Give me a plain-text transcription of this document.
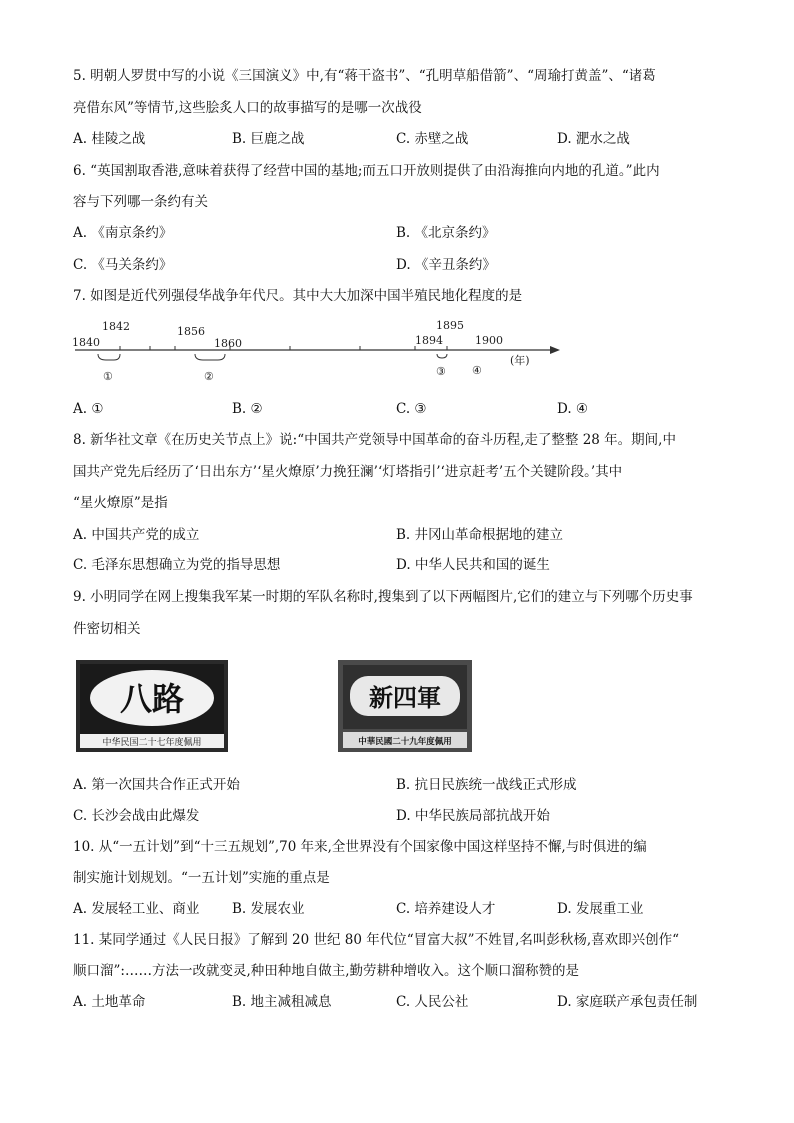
5. 明朝人罗贯中写的小说《三国演义》中,有“蒋干盗书”、“孔明草船借箭”、“周瑜打黄盖”、“诸葛
亮借东风”等情节,这些脍炙人口的故事描写的是哪一次战役
A. 桂陵之战	B. 巨鹿之战	C. 赤壁之战	D. 淝水之战
6. “英国割取香港,意味着获得了经营中国的基地;而五口开放则提供了由沿海推向内地的孔道。”此内
容与下列哪一条约有关
A. 《南京条约》	B. 《北京条约》
C. 《马关条约》	D. 《辛丑条约》
7. 如图是近代列强侵华战争年代尺。其中大大加深中国半殖民地化程度的是
1840
1842	1856
1860	1894
1895
1900
(年)
①	②	③ ④
A. ①	B. ②	C. ③	D. ④
8. 新华社文章《在历史关节点上》说:“中国共产党领导中国革命的奋斗历程,走了整整 28 年。期间,中
国共产党先后经历了‘日出东方’‘星火燎原’力挽狂澜’‘灯塔指引’‘进京赶考’五个关键阶段。’其中
“星火燎原”是指
A. 中国共产党的成立	B. 井冈山革命根据地的建立
C. 毛泽东思想确立为党的指导思想	D. 中华人民共和国的诞生
9. 小明同学在网上搜集我军某一时期的军队名称时,搜集到了以下两幅图片,它们的建立与下列哪个历史事
件密切相关
八路
中华民国二十七年度佩用
新四軍
中華民國二十九年度佩用
A. 第一次国共合作正式开始	B. 抗日民族统一战线正式形成
C. 长沙会战由此爆发	D. 中华民族局部抗战开始
10. 从“一五计划”到“十三五规划”,70 年来,全世界没有个国家像中国这样坚持不懈,与时俱进的编
制实施计划规划。“一五计划”实施的重点是
A. 发展轻工业、商业 B. 发展农业	C. 培养建设人才	D. 发展重工业
11. 某同学通过《人民日报》了解到 20 世纪 80 年代位“冒富大叔”不姓冒,名叫彭秋杨,喜欢即兴创作“
顺口溜”:……方法一改就变灵,种田种地自做主,勤劳耕种增收入。这个顺口溜称赞的是
A. 土地革命	B. 地主减租减息	C. 人民公社	D. 家庭联产承包责任制
